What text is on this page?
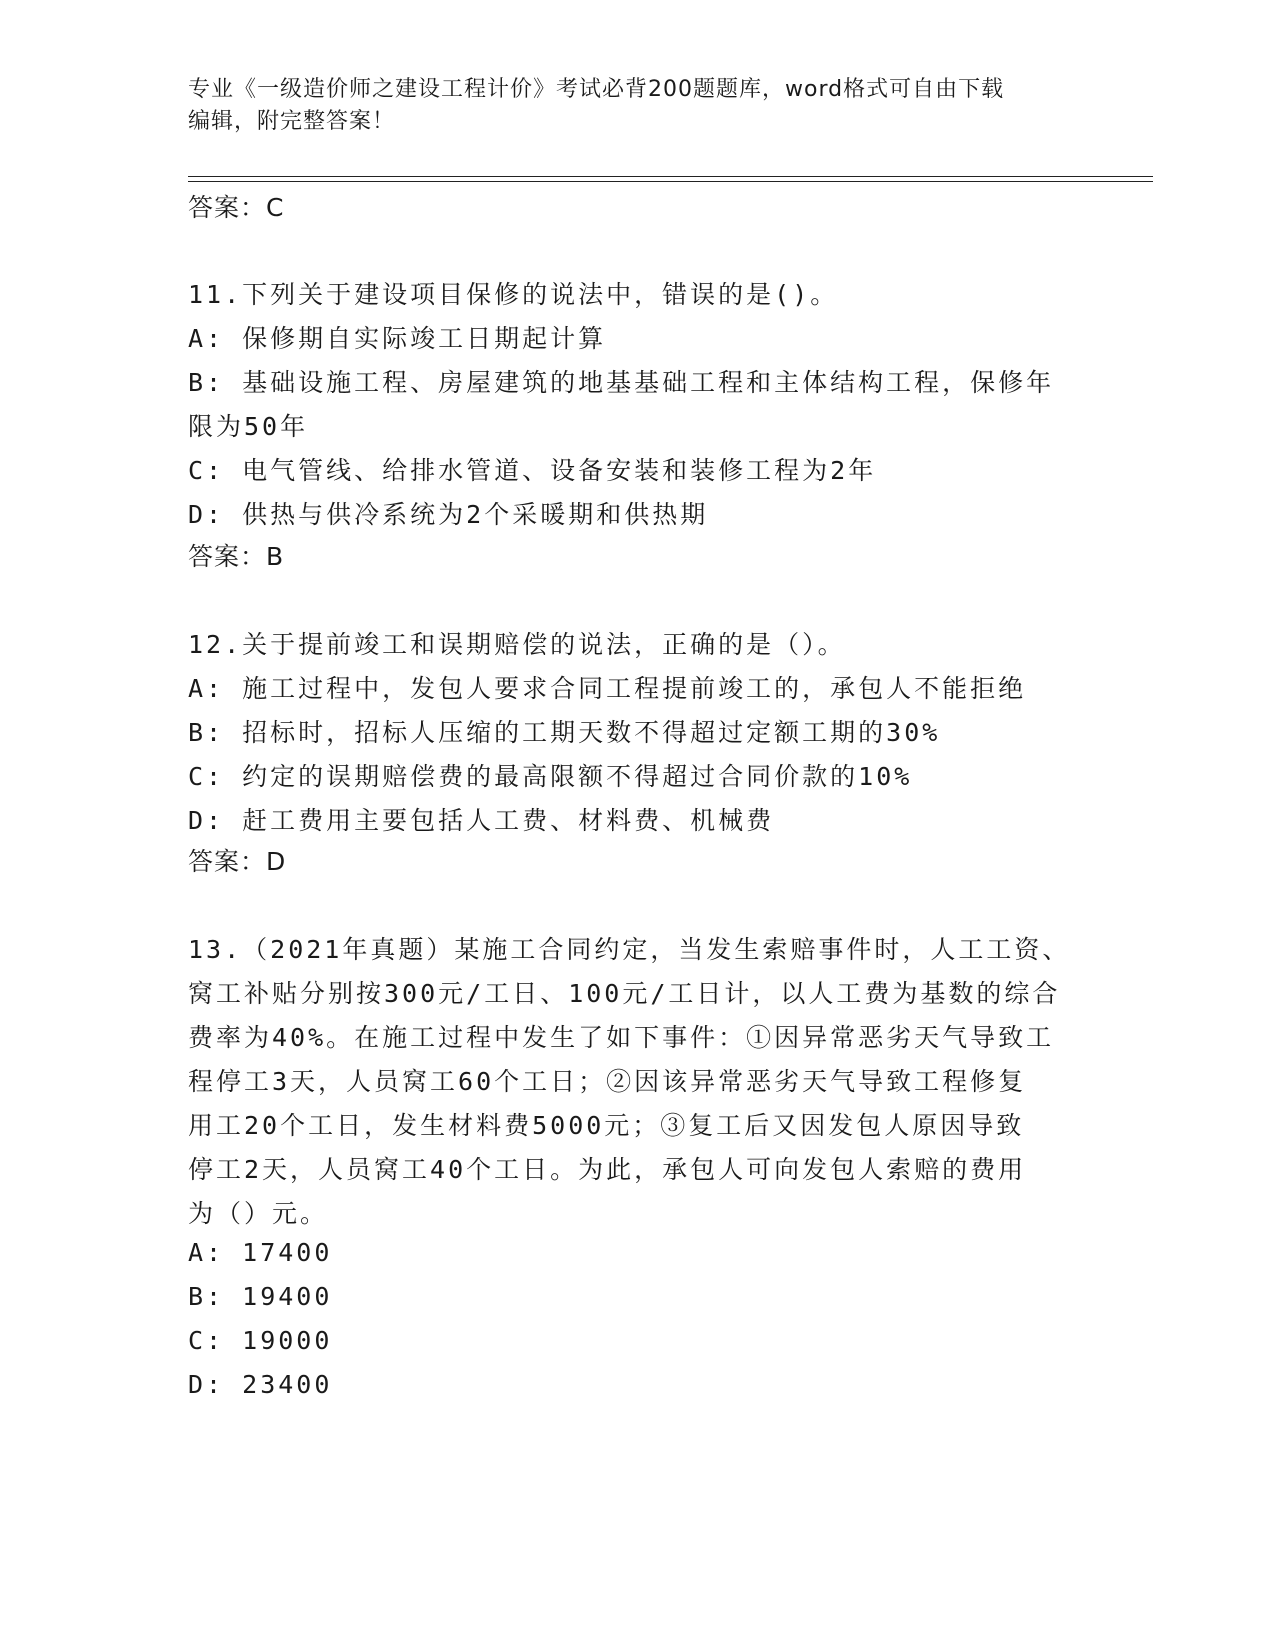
专业《一级造价师之建设工程计价》考试必背200题题库，word格式可自由下载
编辑，附完整答案！

答案：C

11.下列关于建设项目保修的说法中，错误的是()。

A: 保修期自实际竣工日期起计算

B: 基础设施工程、房屋建筑的地基基础工程和主体结构工程，保修年

限为50年

C: 电气管线、给排水管道、设备安装和装修工程为2年

D: 供热与供冷系统为2个采暖期和供热期

答案：B

12.关于提前竣工和误期赔偿的说法，正确的是（）。

A: 施工过程中，发包人要求合同工程提前竣工的，承包人不能拒绝

B: 招标时，招标人压缩的工期天数不得超过定额工期的30%

C: 约定的误期赔偿费的最高限额不得超过合同价款的10%

D: 赶工费用主要包括人工费、材料费、机械费

答案：D

13.（2021年真题）某施工合同约定，当发生索赔事件时，人工工资、

窝工补贴分别按300元/工日、100元/工日计，以人工费为基数的综合

费率为40%。在施工过程中发生了如下事件：①因异常恶劣天气导致工

程停工3天，人员窝工60个工日；②因该异常恶劣天气导致工程修复

用工20个工日，发生材料费5000元；③复工后又因发包人原因导致

停工2天，人员窝工40个工日。为此，承包人可向发包人索赔的费用

为（）元。

A: 17400

B: 19400

C: 19000

D: 23400
